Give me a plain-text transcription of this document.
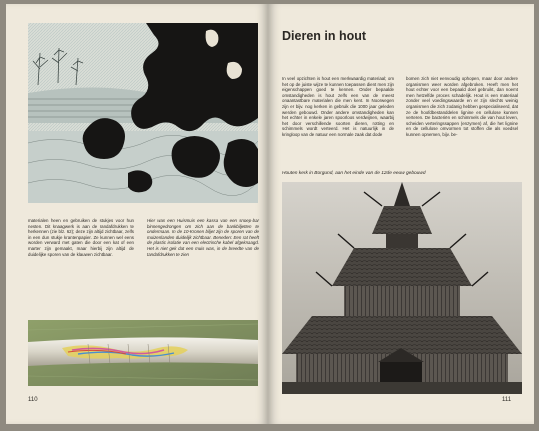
materialen heen en gebruiken de stukjes voor hun nesten. Dit knaagwerk is aan de randafdrukken te herkennen (zie blz. 62); deze zijn altijd zichtbaar, zelfs in een dun stukje krantenpapier. Ze kunnen wel eens worden verward met gaten die door een kat of een marter zijn gemaakt, maar hierbij zijn altijd de duidelijke sporen van de klauwen zichtbaar.

Hier was een Huismuis een kassa van een snoep-bar binnengedrongen om zich aan de bankbiljetten te ondermaan. In de 10-Kronen biljet zijn de sporen van de muizenlanden duidelijk zichtbaar. Beneden: Een rat heeft de plastic isolatie van een electrische kabel afgeknaagd. Het is niet gek dat een muis was, in de breedte van de tandafdrukken te zien

110
Dieren in hout

In veel opzichten is hout een merkwaardig materiaal; om het op de juiste wijze te kunnen toepassen dient men zijn eigenschappen goed te kennen. Onder bepaalde omstandigheden is hout zelfs een van de meest onaantastbare materialen die men kent. In Noorwegen zijn er bijv. nog kerken in gebruik die 1000 jaar geleden werden gebouwd. Onder andere omstandigheden kan het echter in enkele jaren spoorloos verdwijnen, waarbij het door verschillende soorten dieren, rotting en schimmels wordt verteerd. Het is natuurlijk in de kringloop van de natuur een normale zaak dat dode

bomen zich niet eenvoudig ophopen, maar door andere organismen weer worden afgebroken. Heeft men het hout echter voor een bepaald doel gebruikt, dan noemt men hetzelfde proces schadelijk. Hout is een materiaal zonder veel voedingswaarde en er zijn slechts weinig organismen die zich zodanig hebben gespecialiseerd, dat ze de hoofdbestanddelen lignine en cellulose kunnen verteren. De bacteriën en schimmels die van hout leven, scheiden verteringssappen (enzymen) af, die het lignine en de cellulose omvormen tot stoffen die als voedsel kunnen opnemen, bijv. be-

Houten kerk in Borgund, aan het einde van de 12de eeuw gebouwd

111
